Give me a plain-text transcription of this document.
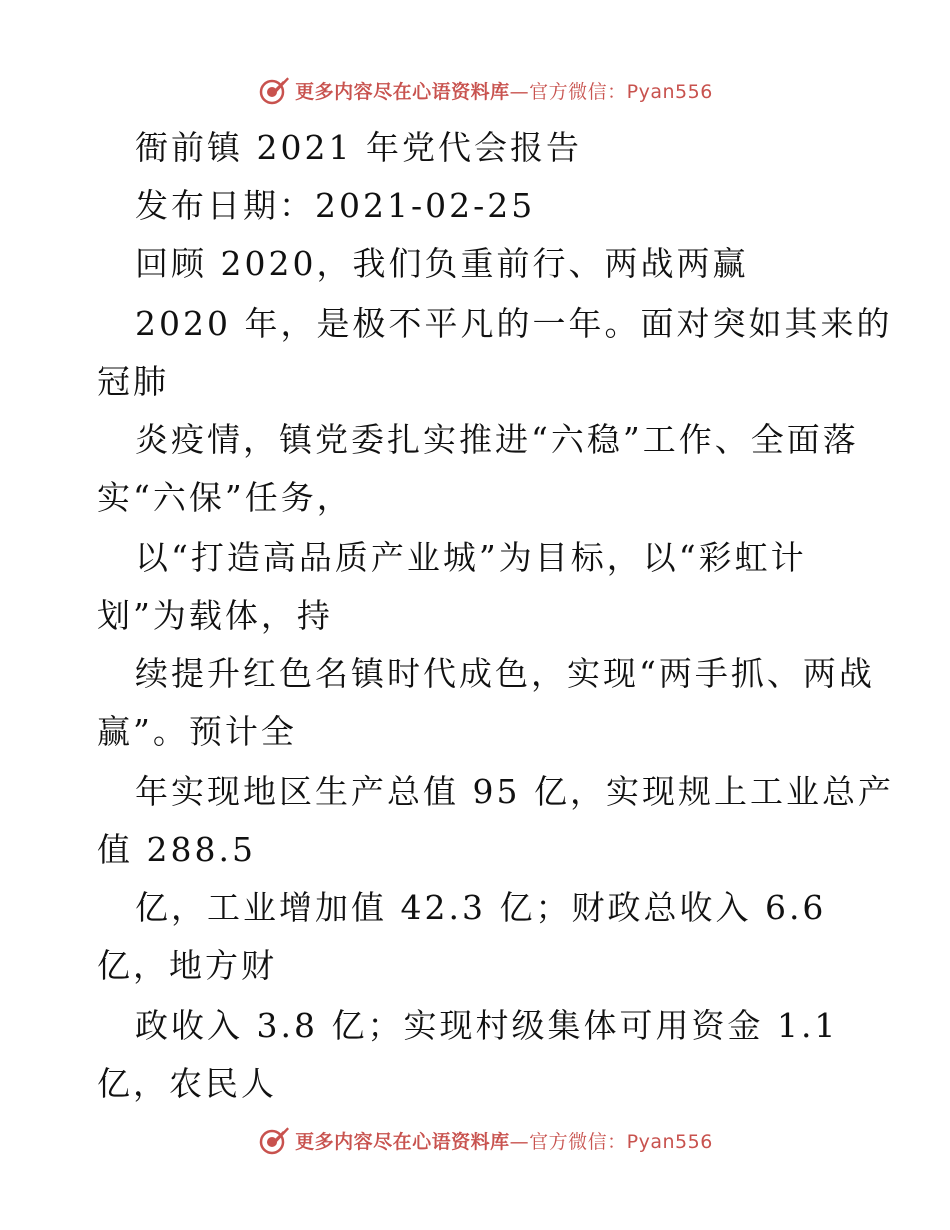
更多内容尽在心语资料库—官方微信：Pyan556
衙前镇 2021 年党代会报告
发布日期：2021-02-25
回顾 2020，我们负重前行、两战两赢
2020 年，是极不平凡的一年。面对突如其来的
冠肺
炎疫情，镇党委扎实推进“六稳”工作、全面落
实“六保”任务，
以“打造高品质产业城”为目标，以“彩虹计
划”为载体，持
续提升红色名镇时代成色，实现“两手抓、两战
赢”。预计全
年实现地区生产总值 95 亿，实现规上工业总产
值 288.5
亿，工业增加值 42.3 亿；财政总收入 6.6
亿，地方财
政收入 3.8 亿；实现村级集体可用资金 1.1
亿，农民人
更多内容尽在心语资料库—官方微信：Pyan556
